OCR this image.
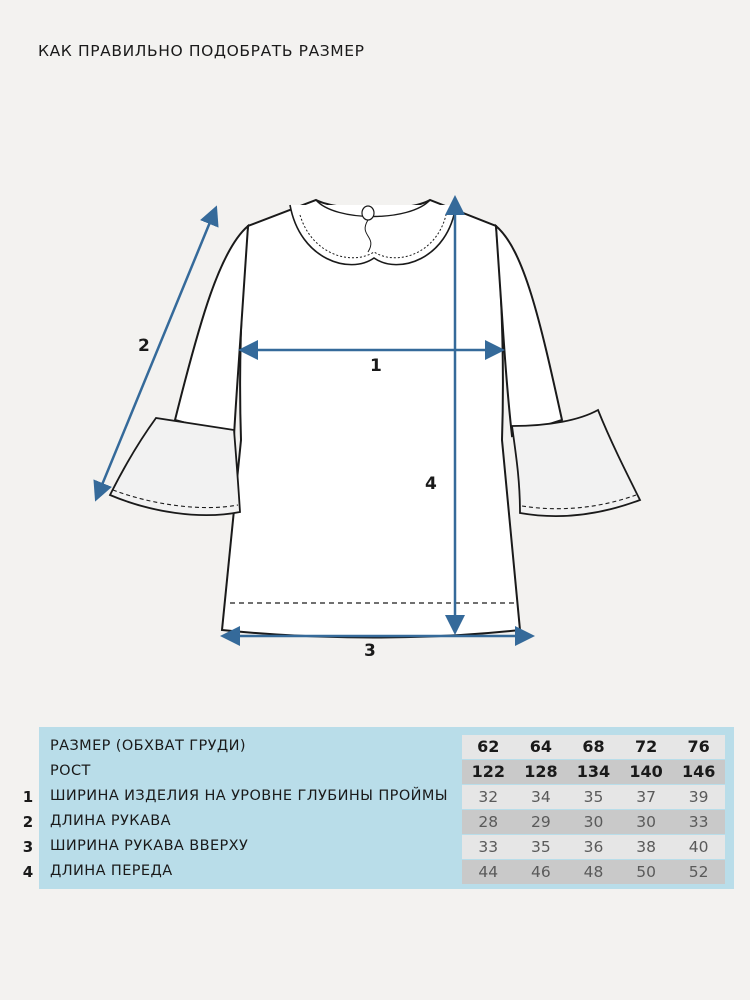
КАК ПРАВИЛЬНО ПОДОБРАТЬ РАЗМЕР
1
2
3
4
РАЗМЕР (ОБХВАТ ГРУДИ)	62	64	68	72	76
РОСТ	122	128	134	140	146
1 ШИРИНА ИЗДЕЛИЯ НА УРОВНЕ ГЛУБИНЫ ПРОЙМЫ	32	34	35	37	39
2 ДЛИНА РУКАВА	28	29	30	30	33
3 ШИРИНА РУКАВА ВВЕРХУ	33	35	36	38	40
4 ДЛИНА ПЕРЕДА	44	46	48	50	52
